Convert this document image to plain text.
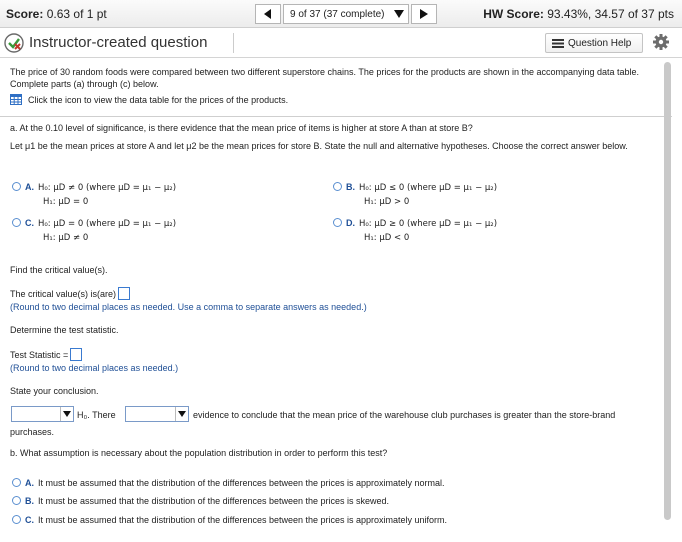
Score: 0.63 of 1 pt	9 of 37 (37 complete)	HW Score: 93.43%, 34.57 of 37 pts
Instructor-created question	Question Help
The price of 30 random foods were compared between two different superstore chains. The prices for the products are shown in the accompanying data table. Complete parts (a) through (c) below.
Click the icon to view the data table for the prices of the products.
a. At the 0.10 level of significance, is there evidence that the mean price of items is higher at store A than at store B?
Let μ1 be the mean prices at store A and let μ2 be the mean prices for store B. State the null and alternative hypotheses. Choose the correct answer below.
A. H₀: μD ≠ 0 (where μD = μ₁ − μ₂)
H₁: μD = 0
B. H₀: μD ≤ 0 (where μD = μ₁ − μ₂)
H₁: μD > 0
C. H₀: μD = 0 (where μD = μ₁ − μ₂)
H₁: μD ≠ 0
D. H₀: μD ≥ 0 (where μD = μ₁ − μ₂)
H₁: μD < 0
Find the critical value(s).
The critical value(s) is(are)
(Round to two decimal places as needed. Use a comma to separate answers as needed.)
Determine the test statistic.
Test Statistic =
(Round to two decimal places as needed.)
State your conclusion.
H₀. There	evidence to conclude that the mean price of the warehouse club purchases is greater than the store-brand
purchases.
b. What assumption is necessary about the population distribution in order to perform this test?
A. It must be assumed that the distribution of the differences between the prices is approximately normal.
B. It must be assumed that the distribution of the differences between the prices is skewed.
C. It must be assumed that the distribution of the differences between the prices is approximately uniform.
